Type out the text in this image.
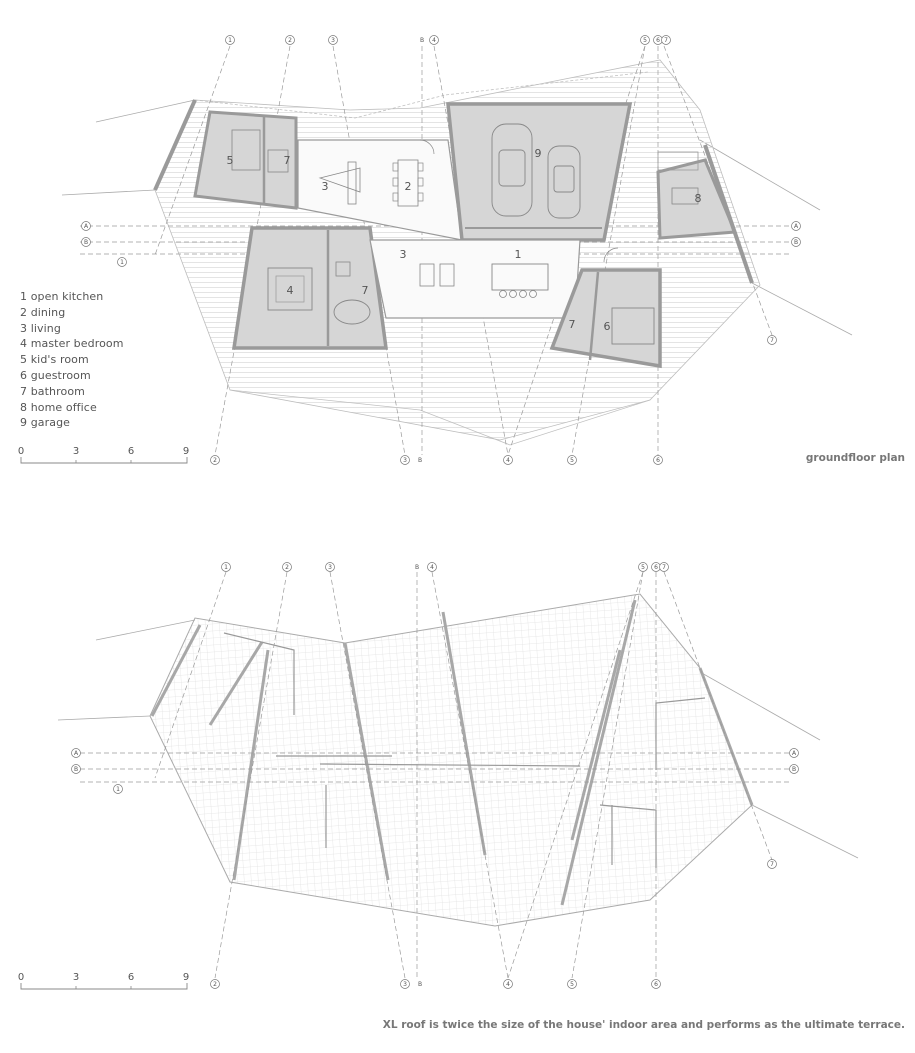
5	7
3	2
9
8
3	1
4	7
7	6
1	2	3	B 4	5 6 7
2	3 B	4	5	6
A
B
1
A
B
7
0	3	6	9
1	2	3	B 4	5 6 7
2	3 B	4	5	6
A
B
1
A
B
7
0	3	6	9
1 open kitchen
2 dining
3 living
4 master bedroom
5 kid's room
6 guestroom
7 bathroom
8 home office
9 garage
groundfloor plan
XL roof is twice the size of the house' indoor area and performs as the ultimate terrace.
